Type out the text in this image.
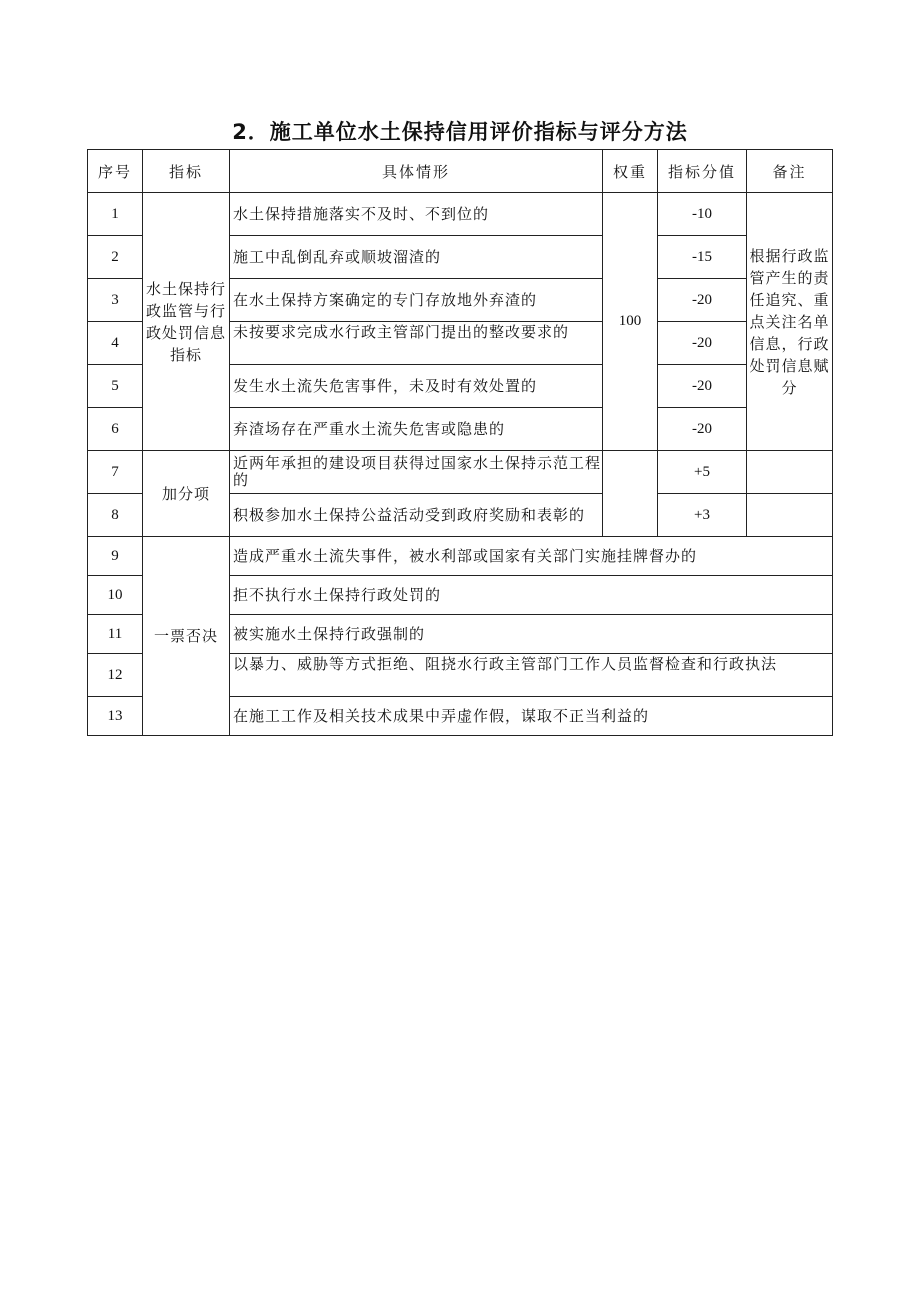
2．施工单位水土保持信用评价指标与评分方法
序号	指标	具体情形	权重	指标分值	备注
1	水土保持行政监管与行政处罚信息指标	水土保持措施落实不及时、不到位的	100	-10	根据行政监管产生的责任追究、重点关注名单信息，行政处罚信息赋分
2		施工中乱倒乱弃或顺坡溜渣的		-15	
3		在水土保持方案确定的专门存放地外弃渣的		-20	
4		未按要求完成水行政主管部门提出的整改要求的		-20	
5		发生水土流失危害事件，未及时有效处置的		-20	
6		弃渣场存在严重水土流失危害或隐患的		-20	
7	加分项	近两年承担的建设项目获得过国家水土保持示范工程的		+5	
8		积极参加水土保持公益活动受到政府奖励和表彰的		+3	
9	一票否决	造成严重水土流失事件，被水利部或国家有关部门实施挂牌督办的			
10		拒不执行水土保持行政处罚的			
11		被实施水土保持行政强制的			
12		以暴力、威胁等方式拒绝、阻挠水行政主管部门工作人员监督检查和行政执法			
13		在施工工作及相关技术成果中弄虚作假，谋取不正当利益的			
